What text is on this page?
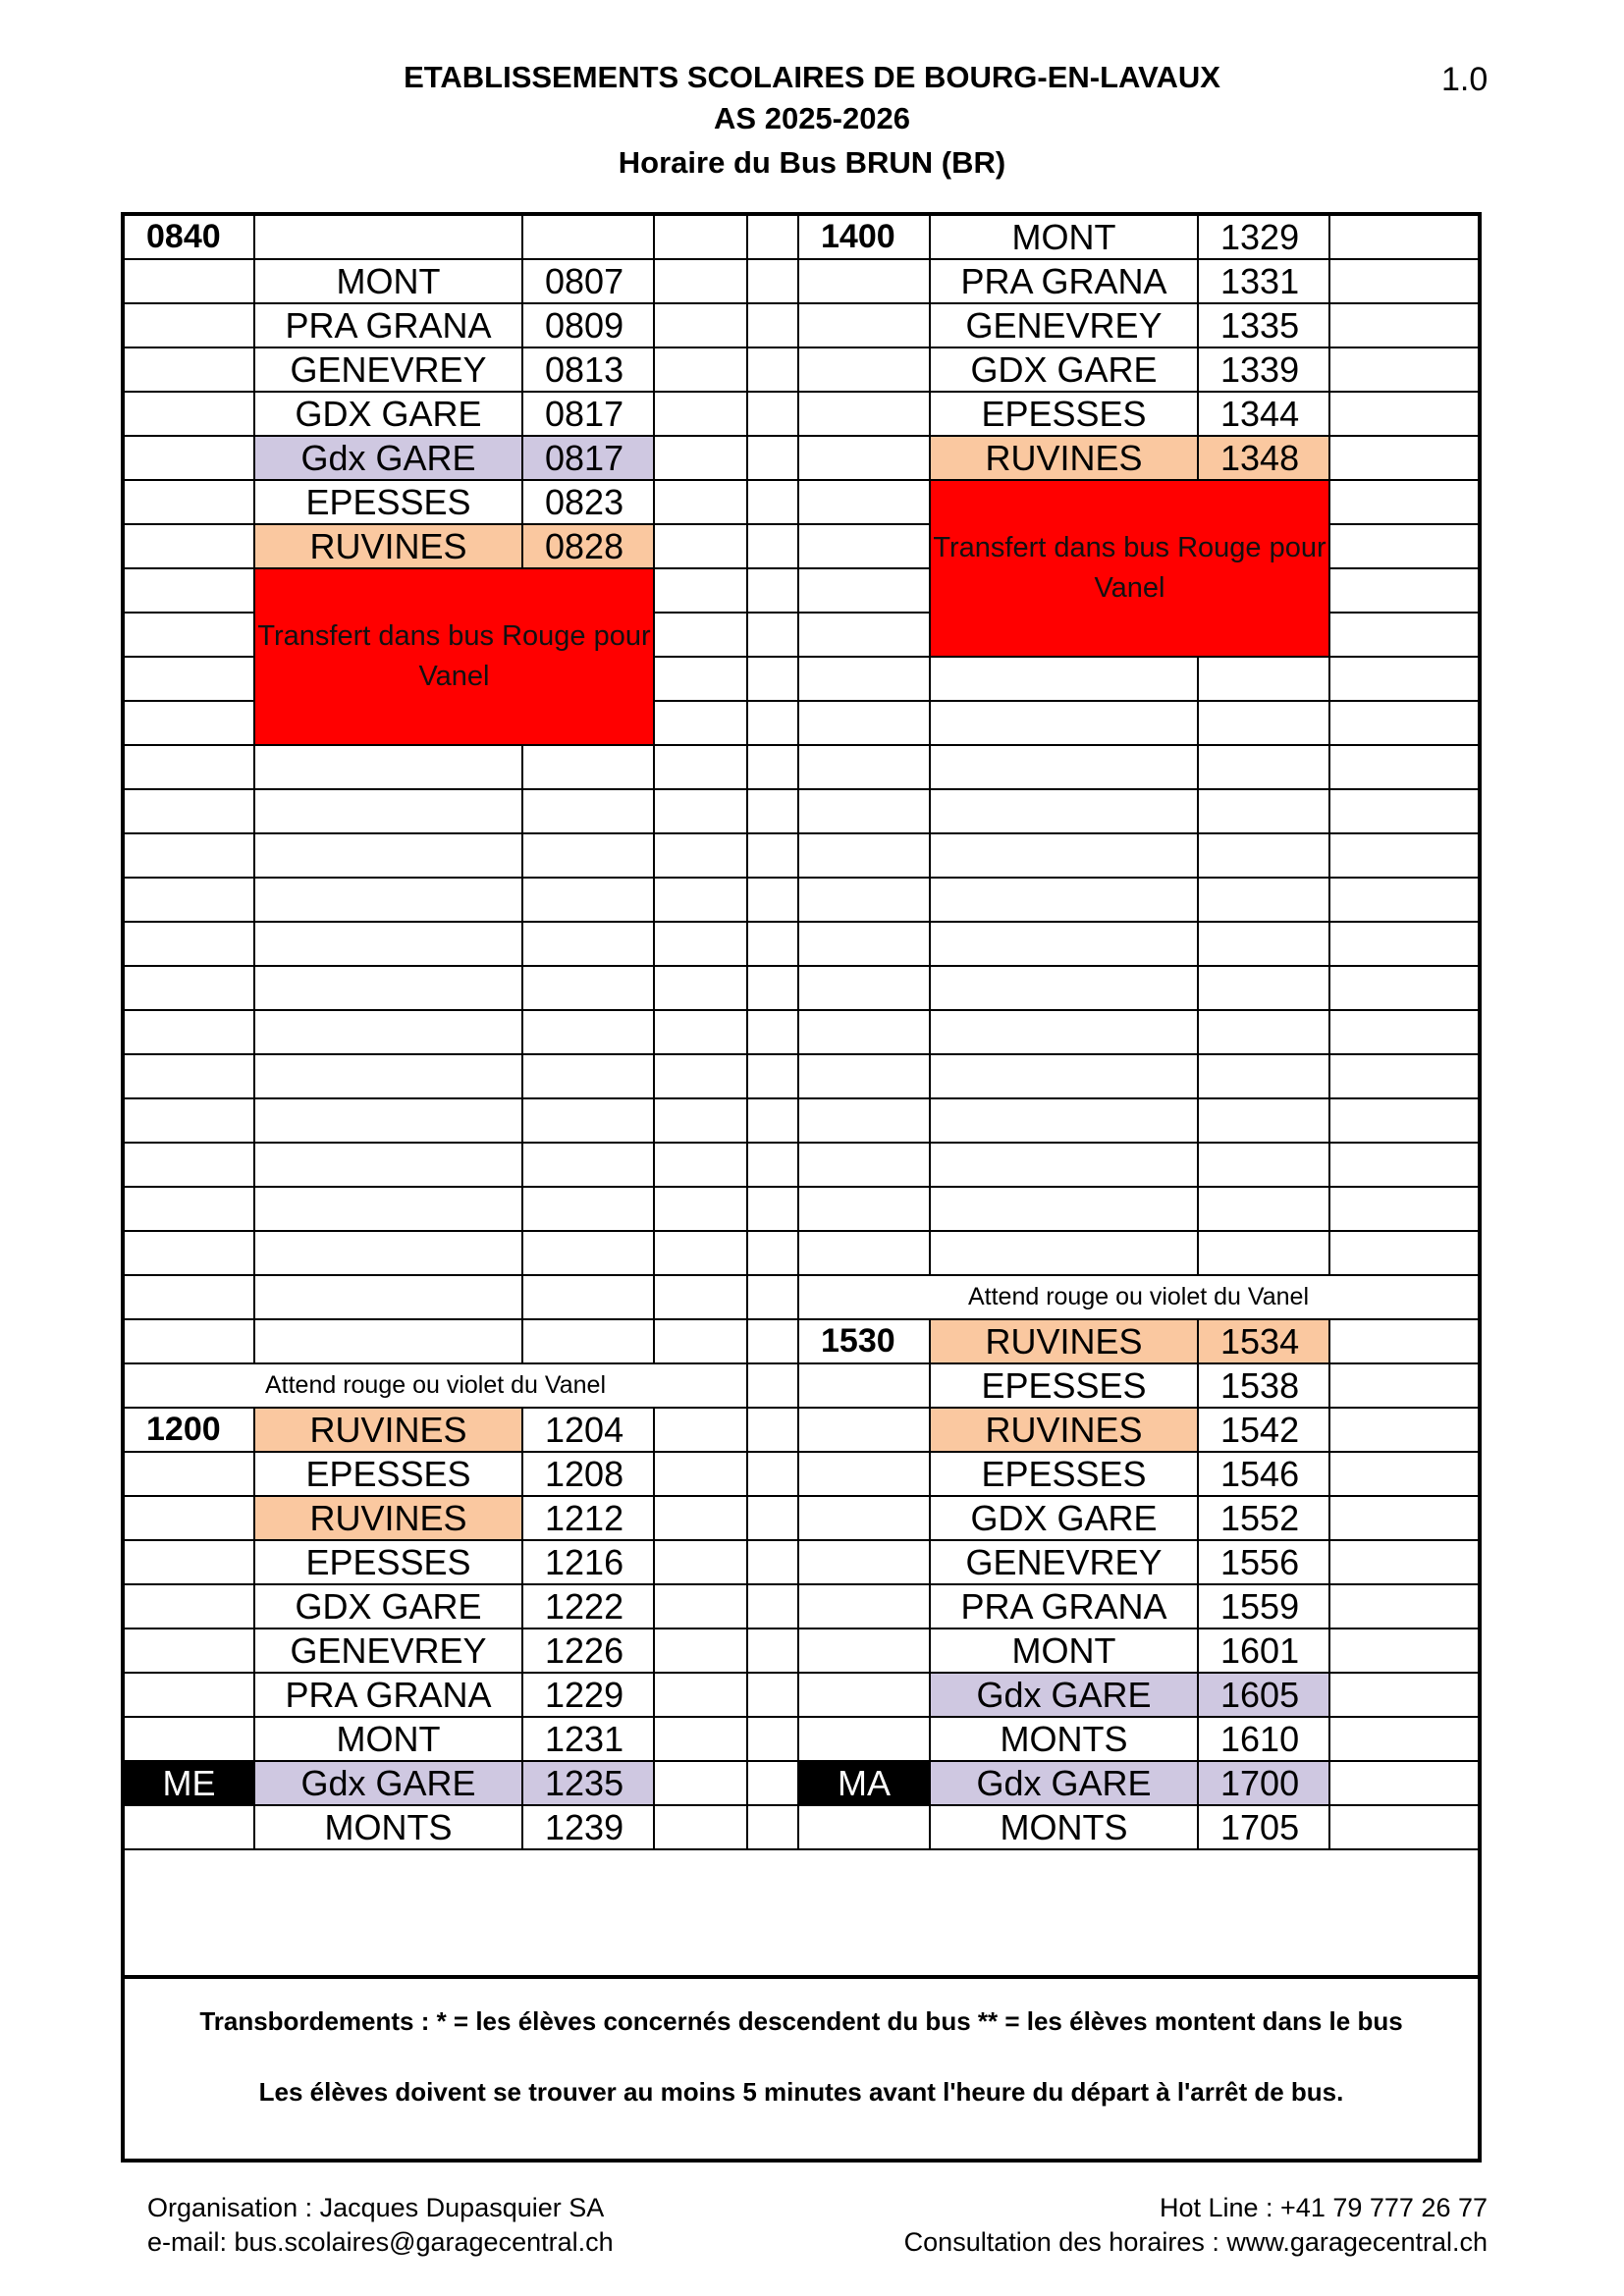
ETABLISSEMENTS SCOLAIRES DE BOURG-EN-LAVAUX
AS 2025-2026
Horaire du Bus BRUN (BR)
1.0
0840					1400	MONT	1329	
	MONT	0807				PRA GRANA	1331	
	PRA GRANA	0809				GENEVREY	1335	
	GENEVREY	0813				GDX GARE	1339	
	GDX GARE	0817				EPESSES	1344	
	Gdx GARE	0817				RUVINES	1348	
	EPESSES	0823				Transfert dans bus Rouge pour Vanel		
	RUVINES	0828						
	Transfert dans bus Rouge pour Vanel							

					Attend rouge ou violet du Vanel			
					1530	RUVINES	1534	
Attend rouge ou violet du Vanel						EPESSES	1538	
1200	RUVINES	1204				RUVINES	1542	
	EPESSES	1208				EPESSES	1546	
	RUVINES	1212				GDX GARE	1552	
	EPESSES	1216				GENEVREY	1556	
	GDX GARE	1222				PRA GRANA	1559	
	GENEVREY	1226				MONT	1601	
	PRA GRANA	1229				Gdx GARE	1605	
	MONT	1231				MONTS	1610	
ME	Gdx GARE	1235			MA	Gdx GARE	1700	
	MONTS	1239				MONTS	1705	
Transbordements : * = les élèves concernés descendent du bus ** = les élèves montent dans le bus
Les élèves doivent se trouver au moins 5 minutes avant l'heure du départ à l'arrêt de bus.
Organisation : Jacques Dupasquier SA
e-mail: bus.scolaires@garagecentral.ch
Hot Line : +41 79 777 26 77
Consultation des horaires : www.garagecentral.ch
